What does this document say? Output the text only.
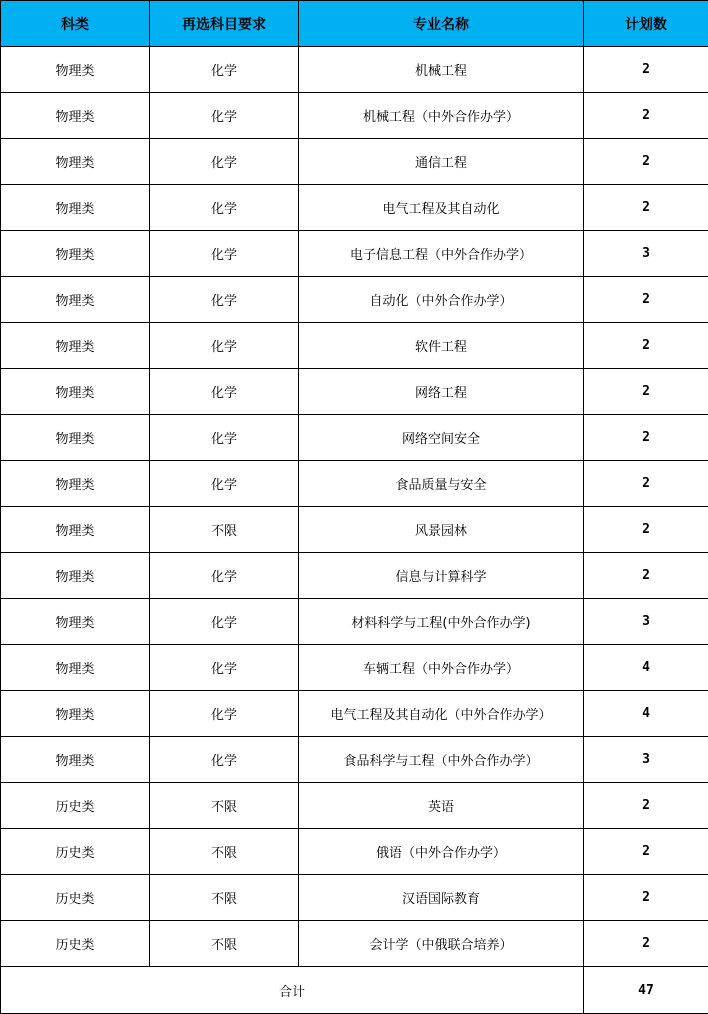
科类	再选科目要求	专业名称	计划数
物理类	化学	机械工程	2
物理类	化学	机械工程（中外合作办学）	2
物理类	化学	通信工程	2
物理类	化学	电气工程及其自动化	2
物理类	化学	电子信息工程（中外合作办学）	3
物理类	化学	自动化（中外合作办学）	2
物理类	化学	软件工程	2
物理类	化学	网络工程	2
物理类	化学	网络空间安全	2
物理类	化学	食品质量与安全	2
物理类	不限	风景园林	2
物理类	化学	信息与计算科学	2
物理类	化学	材料科学与工程(中外合作办学)	3
物理类	化学	车辆工程（中外合作办学）	4
物理类	化学	电气工程及其自动化（中外合作办学）	4
物理类	化学	食品科学与工程（中外合作办学）	3
历史类	不限	英语	2
历史类	不限	俄语（中外合作办学）	2
历史类	不限	汉语国际教育	2
历史类	不限	会计学（中俄联合培养）	2
合计			47
